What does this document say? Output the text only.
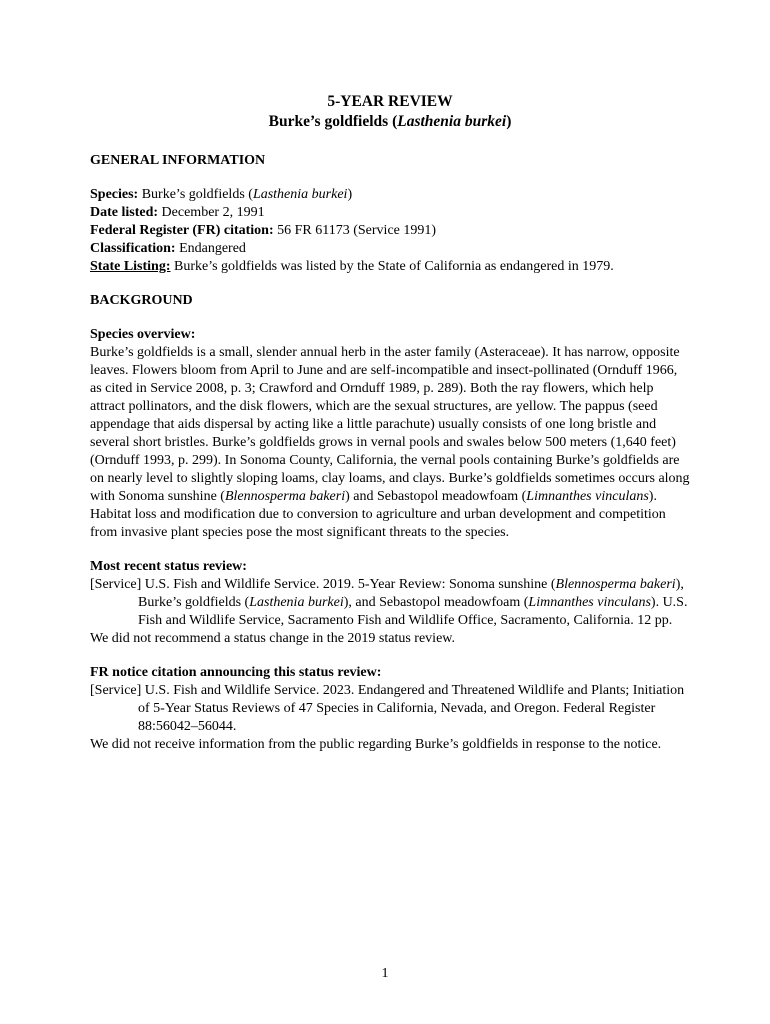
5-YEAR REVIEW
Burke’s goldfields (Lasthenia burkei)
GENERAL INFORMATION
Species: Burke’s goldfields (Lasthenia burkei)
Date listed: December 2, 1991
Federal Register (FR) citation: 56 FR 61173 (Service 1991)
Classification: Endangered

State Listing: Burke’s goldfields was listed by the State of California as endangered in 1979.

BACKGROUND
Species overview:

Burke’s goldfields is a small, slender annual herb in the aster family (Asteraceae). It has narrow, opposite leaves. Flowers bloom from April to June and are self-incompatible and insect-pollinated (Ornduff 1966, as cited in Service 2008, p. 3; Crawford and Ornduff 1989, p. 289). Both the ray flowers, which help attract pollinators, and the disk flowers, which are the sexual structures, are yellow. The pappus (seed appendage that aids dispersal by acting like a little parachute) usually consists of one long bristle and several short bristles. Burke’s goldfields grows in vernal pools and swales below 500 meters (1,640 feet) (Ornduff 1993, p. 299). In Sonoma County, California, the vernal pools containing Burke’s goldfields are on nearly level to slightly sloping loams, clay loams, and clays. Burke’s goldfields sometimes occurs along with Sonoma sunshine (Blennosperma bakeri) and Sebastopol meadowfoam (Limnanthes vinculans). Habitat loss and modification due to conversion to agriculture and urban development and competition from invasive plant species pose the most significant threats to the species.

Most recent status review:

[Service] U.S. Fish and Wildlife Service. 2019. 5-Year Review: Sonoma sunshine (Blennosperma bakeri), Burke’s goldfields (Lasthenia burkei), and Sebastopol meadowfoam (Limnanthes vinculans). U.S. Fish and Wildlife Service, Sacramento Fish and Wildlife Office, Sacramento, California. 12 pp.

We did not recommend a status change in the 2019 status review.

FR notice citation announcing this status review:

[Service] U.S. Fish and Wildlife Service. 2023. Endangered and Threatened Wildlife and Plants; Initiation of 5-Year Status Reviews of 47 Species in California, Nevada, and Oregon. Federal Register 88:56042–56044.

We did not receive information from the public regarding Burke’s goldfields in response to the notice.

1
